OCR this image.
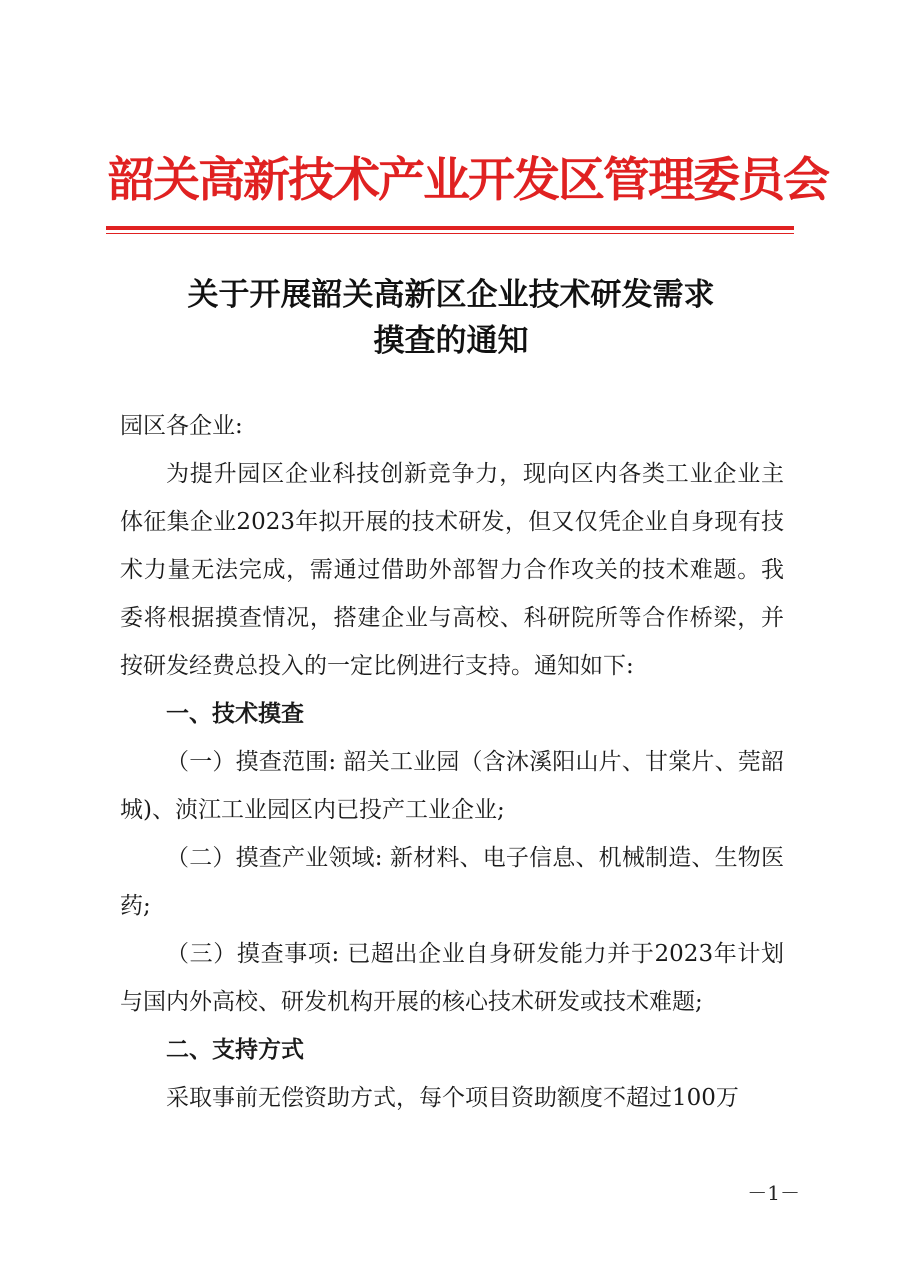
韶关高新技术产业开发区管理委员会
关于开展韶关高新区企业技术研发需求
摸查的通知

园区各企业:

为提升园区企业科技创新竞争力，现向区内各类工业企业主体征集企业2023年拟开展的技术研发，但又仅凭企业自身现有技术力量无法完成，需通过借助外部智力合作攻关的技术难题。我委将根据摸查情况，搭建企业与高校、科研院所等合作桥梁，并按研发经费总投入的一定比例进行支持。通知如下:

一、技术摸查

（一）摸查范围: 韶关工业园（含沐溪阳山片、甘棠片、莞韶城)、浈江工业园区内已投产工业企业;

（二）摸查产业领域: 新材料、电子信息、机械制造、生物医药;

（三）摸查事项: 已超出企业自身研发能力并于2023年计划与国内外高校、研发机构开展的核心技术研发或技术难题;

二、支持方式

采取事前无偿资助方式，每个项目资助额度不超过100万

－1－
